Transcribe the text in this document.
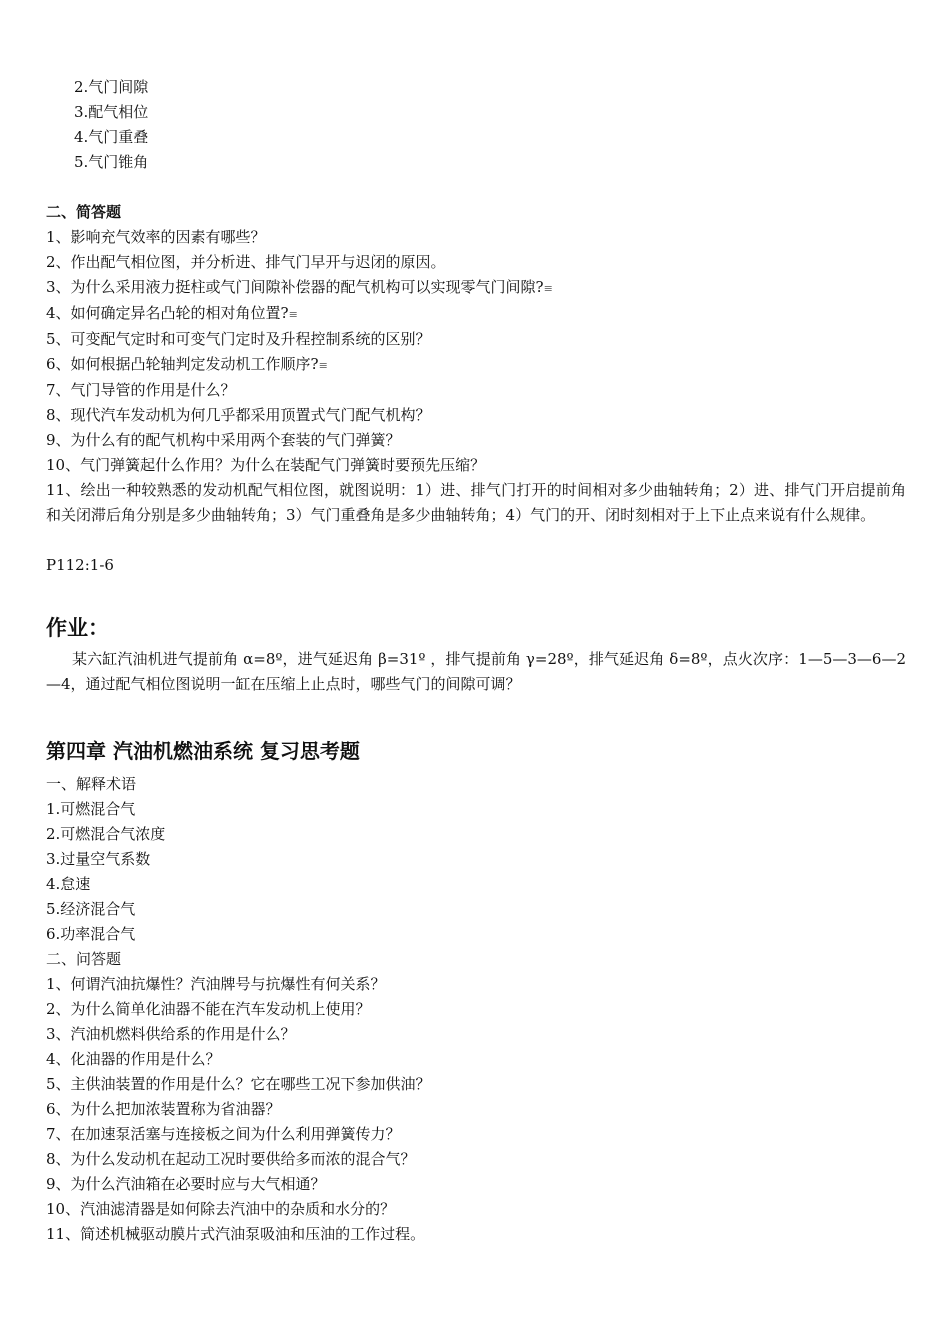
2.气门间隙
3.配气相位
4.气门重叠
5.气门锥角
二、简答题
1、影响充气效率的因素有哪些？
2、作出配气相位图，并分析进、排气门早开与迟闭的原因。
3、为什么采用液力挺柱或气门间隙补偿器的配气机构可以实现零气门间隙?≡
4、如何确定异名凸轮的相对角位置?≡
5、可变配气定时和可变气门定时及升程控制系统的区别？
6、如何根据凸轮轴判定发动机工作顺序?≡
7、气门导管的作用是什么？
8、现代汽车发动机为何几乎都采用顶置式气门配气机构？
9、为什么有的配气机构中采用两个套装的气门弹簧？
10、气门弹簧起什么作用？为什么在装配气门弹簧时要预先压缩？
11、绘出一种较熟悉的发动机配气相位图，就图说明：1）进、排气门打开的时间相对多少曲轴转角；2）进、排气门开启提前角和关闭滞后角分别是多少曲轴转角；3）气门重叠角是多少曲轴转角；4）气门的开、闭时刻相对于上下止点来说有什么规律。
P112:1-6
作业：
某六缸汽油机进气提前角 α=8º，进气延迟角 β=31º ，排气提前角 γ=28º，排气延迟角 δ=8º，点火次序：1—5—3—6—2—4，通过配气相位图说明一缸在压缩上止点时，哪些气门的间隙可调？
第四章 汽油机燃油系统 复习思考题
一、解释术语
1.可燃混合气
2.可燃混合气浓度
3.过量空气系数
4.怠速
5.经济混合气
6.功率混合气
二、问答题
1、何谓汽油抗爆性？汽油牌号与抗爆性有何关系？
2、为什么简单化油器不能在汽车发动机上使用？
3、汽油机燃料供给系的作用是什么？
4、化油器的作用是什么？
5、主供油装置的作用是什么？它在哪些工况下参加供油？
6、为什么把加浓装置称为省油器？
7、在加速泵活塞与连接板之间为什么利用弹簧传力？
8、为什么发动机在起动工况时要供给多而浓的混合气？
9、为什么汽油箱在必要时应与大气相通？
10、汽油滤清器是如何除去汽油中的杂质和水分的？
11、简述机械驱动膜片式汽油泵吸油和压油的工作过程。
